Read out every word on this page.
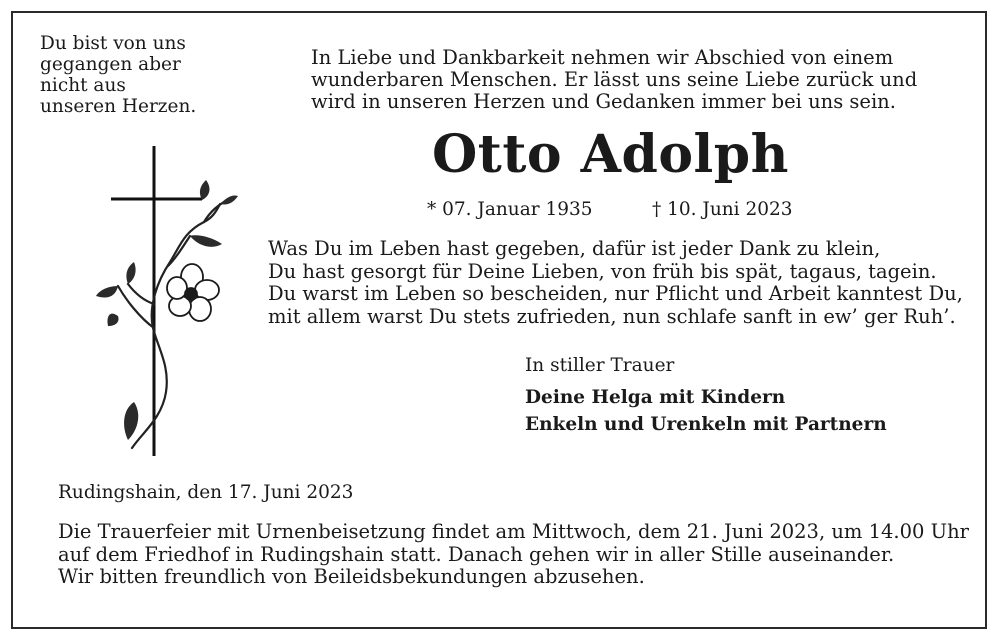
Du bist von uns
gegangen aber
nicht aus
unseren Herzen.
In Liebe und Dankbarkeit nehmen wir Abschied von einem
wunderbaren Menschen. Er lässt uns seine Liebe zurück und
wird in unseren Herzen und Gedanken immer bei uns sein.
Otto Adolph
* 07. Januar 1935	† 10. Juni 2023
Was Du im Leben hast gegeben, dafür ist jeder Dank zu klein,
Du hast gesorgt für Deine Lieben, von früh bis spät, tagaus, tagein.
Du warst im Leben so bescheiden, nur Pflicht und Arbeit kanntest Du,
mit allem warst Du stets zufrieden, nun schlafe sanft in ew’ ger Ruh’.
In stiller Trauer
Deine Helga mit Kindern
Enkeln und Urenkeln mit Partnern
Rudingshain, den 17. Juni 2023
Die Trauerfeier mit Urnenbeisetzung findet am Mittwoch, dem 21. Juni 2023, um 14.00 Uhr
auf dem Friedhof in Rudingshain statt. Danach gehen wir in aller Stille auseinander.
Wir bitten freundlich von Beileidsbekundungen abzusehen.
